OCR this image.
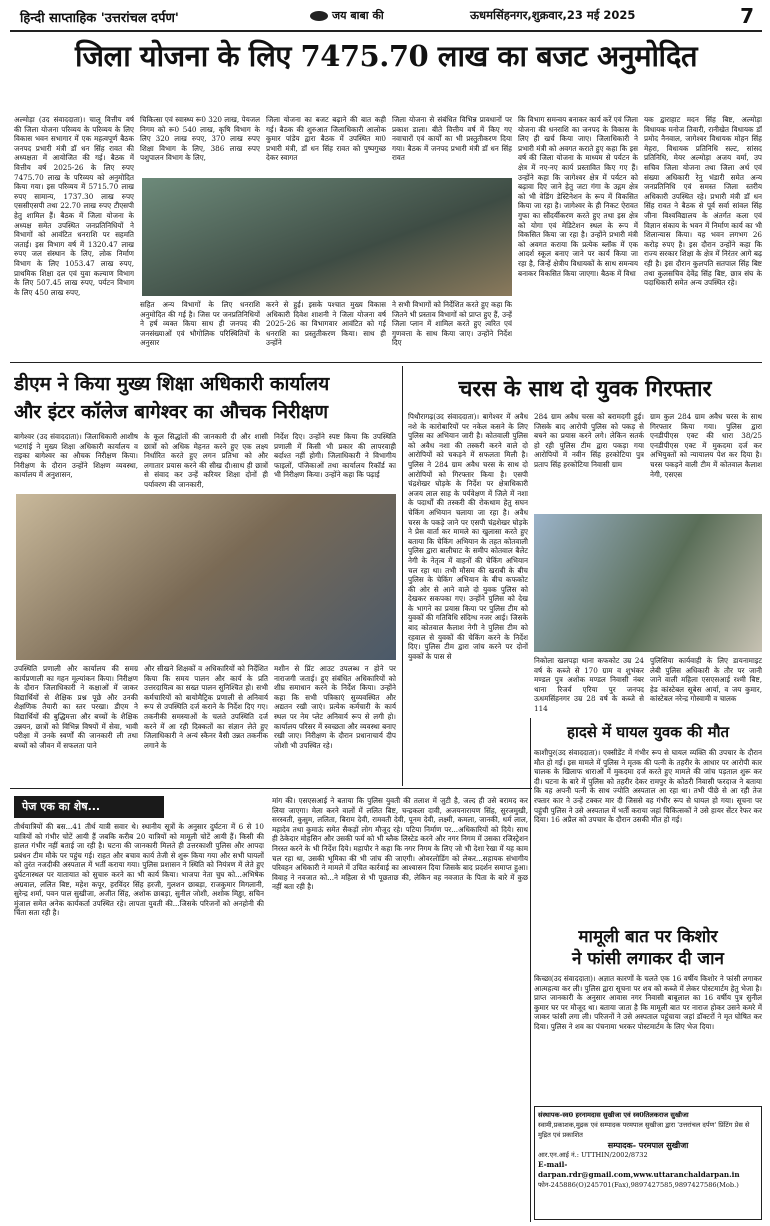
हिन्दी साप्ताहिक 'उत्तरांचल दर्पण'	जय बाबा की	ऊधमसिंहनगर,शुक्रवार,23 मई 2025	7
जिला योजना के लिए 7475.70 लाख का बजट अनुमोदित
अल्मोड़ा (उद संवाददाता)। चालू वित्तीय वर्ष की जिला योजना परिव्यय के परिव्यय के लिए विकास भवन सभागार में एक महत्वपूर्ण बैठक जनपद प्रभारी मंत्री डॉ धन सिंह रावत की अध्यक्षता में आयोजित की गई। बैठक में वित्तीय वर्ष 2025-26 के लिए रुपए 7475.70 लाख के परिव्यय को अनुमोदित किया गया। इस परिव्यय में 5715.70 लाख रुपए सामान्य, 1737.30 लाख रुपए एससीएसपी तथा 22.70 लाख रुपए टीएसपी हेतु शामिल हैं। बैठक में जिला योजना के अध्यक्ष समेत उपस्थित जनप्रतिनिधियों ने विभागों को आवंटित धनराशि पर सहमति जताई। इस विभाग वर्ष में 1320.47 लाख रुपए जल संस्थान के लिए, लोक निर्माण विभाग के लिए 1053.47 लाख रुपए, प्राथमिक शिक्षा दल एवं युवा कल्याण विभाग के लिए 507.45 लाख रुपए, पर्यटन विभाग के लिए 450 लाख रुपए,
चिकित्सा एवं स्वास्थ्य रू0 320 लाख, पेयजल निगम को रू0 540 लाख, कृषि विभाग के लिए 320 लाख रुपए, 370 लाख रुपए शिक्षा विभाग के लिए, 386 लाख रुपए पशुपालन विभाग के लिए,
जिला योजना का बजट बढ़ाने की बात कही गई। बैठक की शुरुआत जिलाधिकारी आलोक कुमार पांडेय द्वारा बैठक में उपस्थित मा0 प्रभारी मंत्री, डॉ धन सिंह रावत को पुष्पगुच्छ देकर स्वागत
जिला योजना से संबंधित विभिन्न प्रावधानों पर प्रकाश डाला। बीते वित्तीय वर्ष में किए गए नवाचारों एवं कार्यों का भी प्रस्तुतीकरण दिया गया। बैठक में जनपद प्रभारी मंत्री डॉ धन सिंह रावत
सहित अन्य विभागों के लिए धनराशि अनुमोदित की गई है। जिस पर जनप्रतिनिधियों ने हर्ष व्यक्त किया साथ ही जनपद की जनसंख्याओं एवं भौगोलिक परिस्थितियों के अनुसार
करने से हुई। इसके पश्चात मुख्य विकास अधिकारी दिवेश शाशनी ने जिला योजना वर्ष 2025-26 का विभागवार आवंटित को गई धनराशि का प्रस्तुतीकरण किया। साथ ही उन्होंने
ने सभी विभागों को निर्देशित करते हुए कहा कि जितने भी प्रस्ताव विभागों को प्राप्त हुए हैं, उन्हें जिला प्लान में शामिल करते हुए त्वरित एवं गुणवत्ता के साथ किया जाए। उन्होंने निर्देश दिए
कि विभाग समन्वय बनाकर कार्य करें एवं जिला योजना की धनराशि का जनपद के विकास के लिए ही खर्च किया जाए। जिलाधिकारी ने प्रभारी मंत्री को अवगत कराते हुए कहा कि इस वर्ष की जिला योजना के माध्यम से पर्यटन के क्षेत्र में नए-नए कार्य प्रस्तावित किए गए हैं। उन्होंने कहा कि जागेश्वर क्षेत्र में पर्यटन को बढ़ावा दिए जाने हेतु जटा गंगा के उद्गम क्षेत्र को भी वेडिंग डेस्टिनेशन के रूप में विकसित किया जा रहा है। जागेश्वर के ही निकट ऐरावत गुफा का सौंदर्यीकरण करते हुए तथा इस क्षेत्र को योगा एवं मेडिटेशन स्थल के रूप में विकसित किया जा रहा है। उन्होंने प्रभारी मंत्री को अवगत कराया कि प्रत्येक ब्लॉक में एक आदर्श स्कूल बनाए जाने पर कार्य किया जा रहा है, जिन्हें क्षेत्रीय विधायकों के साथ समन्वय बनाकर विकसित किया जाएगा। बैठक में विधा
यक द्वाराहाट मदन सिंह बिष्ट, अल्मोड़ा विधायक मनोज तिवारी, रानीखेत विधायक डॉ प्रमोद नैनवाल, जागेश्वर विधायक मोहन सिंह मेहरा, विधायक प्रतिनिधि सल्ट, सांसद प्रतिनिधि, मेयर अल्मोड़ा अजय वर्मा, उप सचिव जिला योजना तथा जिला अर्थ एवं संख्या अधिकारी रेनु भंडारी समेत अन्य जनप्रतिनिधि एवं समस्त जिला स्तरीय अधिकारी उपस्थित रहे। प्रभारी मंत्री डॉ धन सिंह रावत ने बैठक से पूर्व सर्वा सांवल सिंह जीना विश्वविद्यालय के अंतर्गत कला एवं विज्ञान संकाय के भवन में निर्माण कार्य का भी शिलान्यास किया। यह भवन लगभग 26 करोड़ रुपए है। इस दौरान उन्होंने कहा कि राज्य सरकार शिक्षा के क्षेत्र में निरंतर आगे बढ़ रही है। इस दौरान कुलपति सतपाल सिंह बिष्ट तथा कुलसचिव देवेंद्र सिंह बिष्ट, छात्र संघ के पदाधिकारी समेत अन्य उपस्थित रहे।
डीएम ने किया मुख्य शिक्षा अधिकारी कार्यालय
और इंटर कॉलेज बागेश्वर का औचक निरीक्षण
बागेश्वर (उद संवाददाता)। जिलाधिकारी आशीष भटगांई ने मुख्य शिक्षा अधिकारी कार्यालय व राइका बागेश्वर का औचक निरीक्षण किया। निरीक्षण के दौरान उन्होंने शिक्षण व्यवस्था, कार्यालय में अनुशासन,
के कूल सिद्धांतों की जानकारी दी और शासी छात्रों को अधिक मेहनत करने हुए एक लक्ष्य निर्धारित करते हुए लगन प्रतिभा को और लगातार प्रयास करने की सीख दी।साथ ही छात्रों से संवाद कर उन्हें करियर शिक्षा दोनों ही पर्यावरण की जानकारी,
निर्देश दिए। उन्होंने स्पष्ट किया कि उपस्थिति प्रणाली में किसी भी प्रकार की लापरवाही बर्दाश्त नहीं होगी। जिलाधिकारी ने विभागीय फाइलों, पंजिकाओं तथा कार्यालय रिकॉर्ड का भी निरीक्षण किया। उन्होंने कहा कि पढ़ाई
उपस्थिति प्रणाली और कार्यालय की समग्र कार्यप्रणाली का गहन मूल्यांकन किया। निरीक्षण के दौरान जिलाधिकारी ने कक्षाओं में जाकर विद्यार्थियों से शैक्षिक प्रश्न पूछे और उनकी शैक्षणिक तैयारी का स्तर परखा। डीएम ने विद्यार्थियों की बुद्धिमत्ता और बच्चों के शैक्षिक उन्नयन, छात्रों को विभिन्न विषयों में सेवा, भावी परीक्षा में उनके स्वर्णों की जानकारी ली तथा बच्चों को जीवन में सफलता पाने
और सीखने शिक्षकों व अधिकारियों को निर्देशित किया कि समय पालन और कार्य के प्रति उत्तरदायित्व का सख्त पालन सुनिश्चित हो। सभी कर्मचारियों को बायोमैट्रिक प्रणाली से अनिवार्य रूप से उपस्थिति दर्ज कराने के निर्देश दिए गए। तकनीकी समस्याओं के चलते उपस्थिति दर्ज करने में आ रही दिक्कतों का संज्ञान लेते हुए जिलाधिकारी ने अन्यं स्कैनर वैसी उन्नत तकनीक लगाने के
मशीन से प्रिंट आउट उपलब्ध न होने पर नाराजगी जताई। हुए संबंधित अधिकारियों को शीघ्र समाधान करने के निर्देश किया। उन्होंने कहा कि सभी पत्रिकाएं सुव्यवस्थित और अद्यतन रखी जाएं। प्रत्येक कर्मचारी के कार्य स्थल पर नेम प्लेट अनिवार्य रूप से लगी हो। कार्यालय परिसर में स्वच्छता और व्यवस्था बनाए रखी जाए। निरीक्षण के दौरान प्रधानाचार्य दीप जोशी भी उपस्थित रहे।
चरस के साथ दो युवक गिरफ्तार
पिथौरागढ़(उद संवाददाता)। बागेश्वर में अवैध नशे के कारोबारियों पर नकेल कसने के लिए पुलिस का अभियान जारी है। कोतवाली पुलिस को अवैध नशा की तस्करी करने वाले दो आरोपियों को चकड़ने में सफलता मिली है। पुलिस ने 284 ग्राम अवैध चरस के साथ दो आरोपियों को गिरफ्तार किया है। एसपी चंद्रशेखर घोड़के के निर्देश पर क्षेत्राधिकारी अजय लाल साह के पर्यवेक्षण में जिले में नशा के पदार्थों की तस्करी की रोकथाम हेतु सघन चेकिंग अभियान चलाया जा रहा है। अवैध चरस के पकड़े जाने पर एसपी चंद्रशेखर घोड़के ने प्रेस वार्ता कर मामले का खुलासा करते हुए बताया कि चेकिंग अभियान के तहत कोतवाली पुलिस द्वारा बालीघाट के समीप कोतवाल बैलेट नेगी के नेतृत्व में वाहनों की चेकिंग अभियान चल रहा था। तभी मौसम की खराबी के बीच पुलिस के चेकिंग अभियान के बीच कफकोट की ओर से आने वाले दो युवक पुलिस को देखकर सकपका गए। उन्होंने पुलिस को देख के भागने का प्रयास किया पर पुलिस टीम को युवकों की गतिविधि संदिग्ध नजर आई। जिसके बाद कोतवाल कैलाश नेगी ने पुलिस टीम को रहवाल से युवकों की चेकिंग करने के निर्देश दिए। पुलिस टीम द्वारा जांच करने पर दोनों युवकों के पास से
284 ग्राम अवैध चरस को बरामदगी हुई। जिसके बाद आरोपी पुलिस को पकड़ से बचने का प्रयास करने लगे। लेकिन सतर्क हो रही पुलिस टीम द्वारा पकड़ा गया आरोपियों में नवीन सिंह हरकोटिया पुत्र प्रताप सिंह हरकोटिया निवासी ग्राम
ग्राम कुल 284 ग्राम अवैध चरस के साथ गिरफ्तार किया गया। पुलिस द्वारा एनडीपीएस एक्ट की धारा 38/25 एनडीपीएस एक्ट में मुकदमा दर्ज कर अभियुक्तों को न्यायालय पेश कर दिया है। चरस पकड़ने वाली टीम में कोतवाल कैलाश नेगी, एसएस
निकोला खलपड़ा थाना कफकोट उम्र 24 वर्ष के कब्जे से 170 ग्राम व शुभंकर मण्डल पुत्र अशोक मण्डल निवासी नंबर थाना रिजर्व एरिया पुर जनपद ऊधमसिंहनगर उम्र 28 वर्ष के कब्जे से 114
पुलिसिया कार्यवाही के लिए डायनामाइट लेबी पुलिस अधिकारी के तौर पर जानी जाने वाली महिला एसएसआई रश्मी बिष्ट, हेड कांस्टेबल सूबेस आर्या, व जय कुमार, कांस्टेबल नरेन्द्र गोस्वामी व चालक
हादसे में घायल युवक की मौत
काशीपुर(उद संवाददाता)। एक्सीडेंट में गंभीर रूप से घायल व्यक्ति की उपचार के दौरान मौत हो गई। इस मामले में पुलिस ने मृतक की पत्नी के तहरीर के आधार पर आरोपी कार चालक के खिलाफ धाराओं में मुकदमा दर्ज करते हुए मामले की जांच पड़ताल शुरू कर दी। घटना के बारे में पुलिस को तहरीर देकर रामपुर के कोठरी निवासी फरदाज ने बताया कि वह अपनी पत्नी के साथ ज्योति अस्पताल आ रहा था। तभी पीछे से आ रही तेज रफ्तार कार ने उन्हें टक्कर मार दी जिससे वह गंभीर रूप से घायल हो गया। सूचना पर पहुंची पुलिस ने उसे अस्पताल में भर्ती कराया जहां चिकित्सकों ने उसे हायर सेंटर रेफर कर दिया। 16 अप्रैल को उपचार के दौरान उसकी मौत हो गई।
पेज एक का शेष...
तीर्थयात्रियों की बस...41 तीर्थ यात्री सवार थे। स्थानीय सूत्रों के अनुसार दुर्घटना में 6 से 10 यात्रियों को गंभीर चोटें आयी हैं जबकि करीब 20 यात्रियों को मामूली चोटें आयी हैं। किसी की हालत गंभीर नहीं बताई जा रही है। घटना की जानकारी मिलते ही उत्तरकाशी पुलिस और आपदा प्रबंधन टीम मौके पर पहुंच गई। राहत और बचाव कार्य तेजी से शुरू किया गया और सभी घायलों को तुरंत नजदीकी अस्पताल में भर्ती कराया गया। पुलिस प्रशासन ने स्थिति को नियंत्रण में लेते हुए दुर्घटनास्थल पर यातायात को सुचारु करने का भी कार्य किया। भाजपा नेता चुघ को...अभिषेक अग्रवाल, ललित बिष्ट, महेश कपूर, हरविंदर सिंह हरजी, गुलशन छाबड़ा, राजकुमार मिगलानी, सुरेन्द्र शर्मा, पवन पाल सुखीजा, अजीत सिंह, अशोक छाबड़ा, सुनील जोशी, अशोक मिड्ढा, सचिन मुंजाल समेत अनेक कार्यकर्ता उपस्थित रहे। लापता युवती की...जिसके परिजनों को अनहोनी की चिंता सता रही है।
मांग की। एसएसआई ने बताया कि पुलिस युवती की तलाश में जुटी है, जल्द ही उसे बरामद कर लिया जाएगा। मेला करने वालों में ललित बिष्ट, चन्द्रकला दावी, अजयनारायण सिंह, सुरजमुखी, सरस्वती, कुसुम, ललिता, बिराम देवी, रामवती देवी, पूनम देवी, लक्ष्मी, कमला, जानकी, धर्म लाल, महादेव तथा कुमाऊं समेत सैकड़ों लोग मौजूद रहे। पटिया निर्माण पर...अधिकारियों को दिये। साथ ही ठेकेदार मोहसिन और उसकी फर्म को भी ब्लैक लिस्टेड करने और नगर निगम में उसका रजिस्ट्रेशन निरस्त करने के भी निर्देश दिये। महापौर ने कहा कि नगर निगम के लिए जो भी देशा रेखा में यह काम चल रहा था, उसकी भूमिका की भी जांच की जाएगी। ओवरलोडिंग को लेकर...सहायक संभागीय परिवहन अधिकारी ने मामले में उचित कार्रवाई का आश्वासन दिया जिसके बाद प्रदर्शन समाप्त हुआ। विवाह ने नवजात को...ने महिला से भी पूछताछ की, लेकिन वह नवजात के पिता के बारे में कुछ नहीं बता रही है।
मामूली बात पर किशोर
ने फांसी लगाकर दी जान
किच्छा(उद संवाददाता)। अज्ञात कारणों के चलते एक 16 वर्षीय किशोर ने फांसी लगाकर आत्महत्या कर ली। पुलिस द्वारा सूचना पर शव को कब्जे में लेकर पोस्टमार्टम हेतु भेजा है। प्राप्त जानकारी के अनुसार आवास नगर निवासी बाबूलाल का 16 वर्षीय पुत्र सुनील कुमार घर पर मौजूद था। बताया जाता है कि मामूली बात पर नाराज होकर उसने कमरे में जाकर फांसी लगा ली। परिजनों ने उसे अस्पताल पहुंचाया जहां डॉक्टरों ने मृत घोषित कर दिया। पुलिस ने शव का पंचनामा भरकर पोस्टमार्टम के लिए भेज दिया।
संस्थापक-स्व0 हरनामदास सुखीजा एवं स्व0तिलकराज सुखीजा
स्वामी,प्रकाशक,मुद्रक एवं सम्पादक परमपाल सुखीजा द्वारा 'उत्तरांचल दर्पण' प्रिंटिंग प्रेस से मुद्रित एवं प्रकाशित
सम्पादक- परमपाल सुखीजा
आर.एन.आई नं.: UTTHIN/2002/8732
E-mail-darpan.rdr@gmail.com,www.uttaranchaldarpan.in
फोन-245886(O)245701(Fax),9897427585,9897427586(Mob.)
